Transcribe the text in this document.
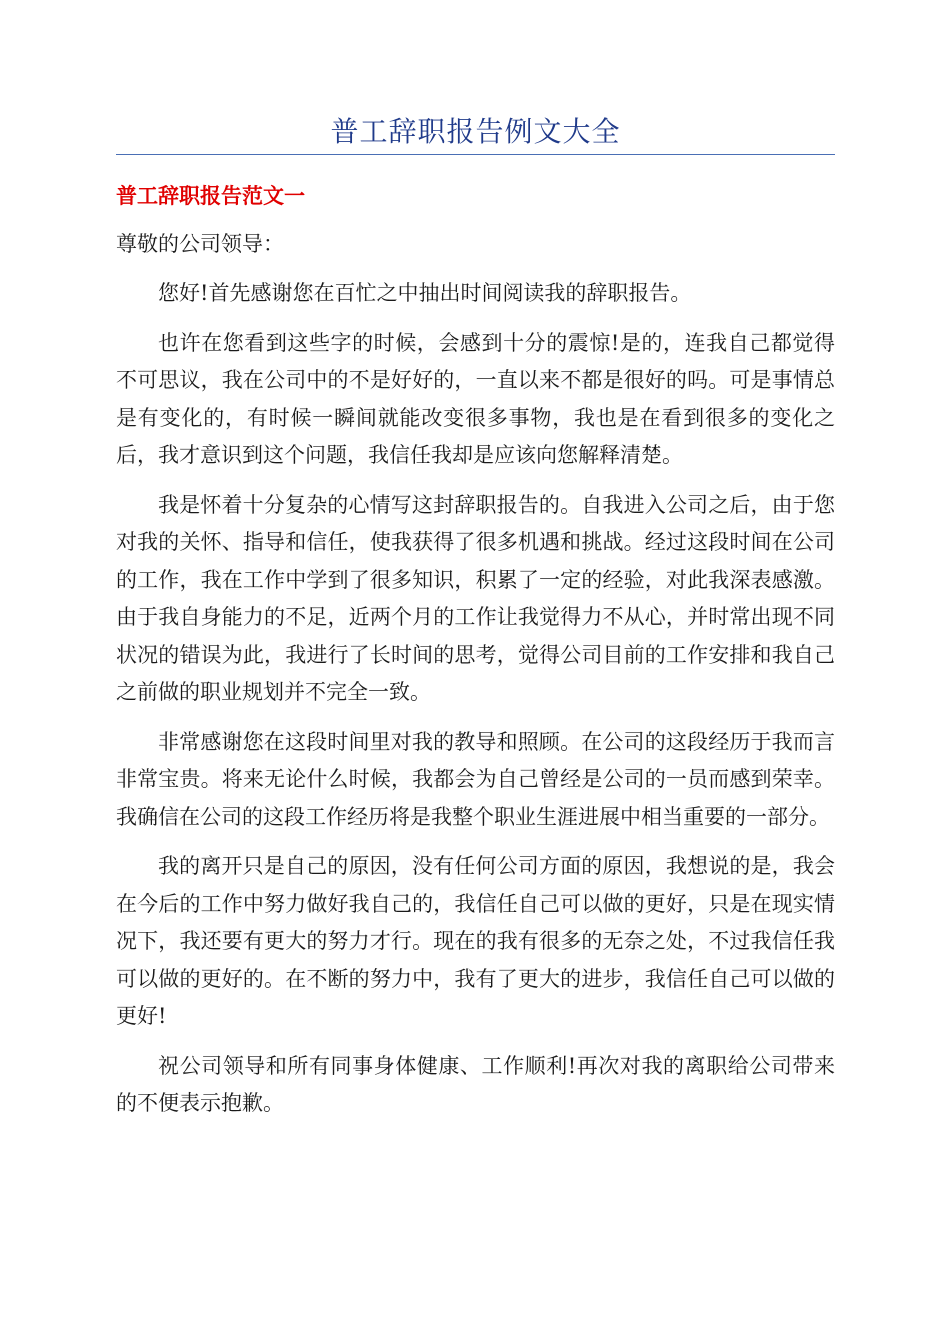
普工辞职报告例文大全
普工辞职报告范文一

尊敬的公司领导：

您好!首先感谢您在百忙之中抽出时间阅读我的辞职报告。

也许在您看到这些字的时候，会感到十分的震惊!是的，连我自己都觉得不可思议，我在公司中的不是好好的，一直以来不都是很好的吗。可是事情总是有变化的，有时候一瞬间就能改变很多事物，我也是在看到很多的变化之后，我才意识到这个问题，我信任我却是应该向您解释清楚。

我是怀着十分复杂的心情写这封辞职报告的。自我进入公司之后，由于您对我的关怀、指导和信任，使我获得了很多机遇和挑战。经过这段时间在公司的工作，我在工作中学到了很多知识，积累了一定的经验，对此我深表感激。由于我自身能力的不足，近两个月的工作让我觉得力不从心，并时常出现不同状况的错误为此，我进行了长时间的思考，觉得公司目前的工作安排和我自己之前做的职业规划并不完全一致。

非常感谢您在这段时间里对我的教导和照顾。在公司的这段经历于我而言非常宝贵。将来无论什么时候，我都会为自己曾经是公司的一员而感到荣幸。我确信在公司的这段工作经历将是我整个职业生涯进展中相当重要的一部分。

我的离开只是自己的原因，没有任何公司方面的原因，我想说的是，我会在今后的工作中努力做好我自己的，我信任自己可以做的更好，只是在现实情况下，我还要有更大的努力才行。现在的我有很多的无奈之处，不过我信任我可以做的更好的。在不断的努力中，我有了更大的进步，我信任自己可以做的更好!

祝公司领导和所有同事身体健康、工作顺利!再次对我的离职给公司带来的不便表示抱歉。
